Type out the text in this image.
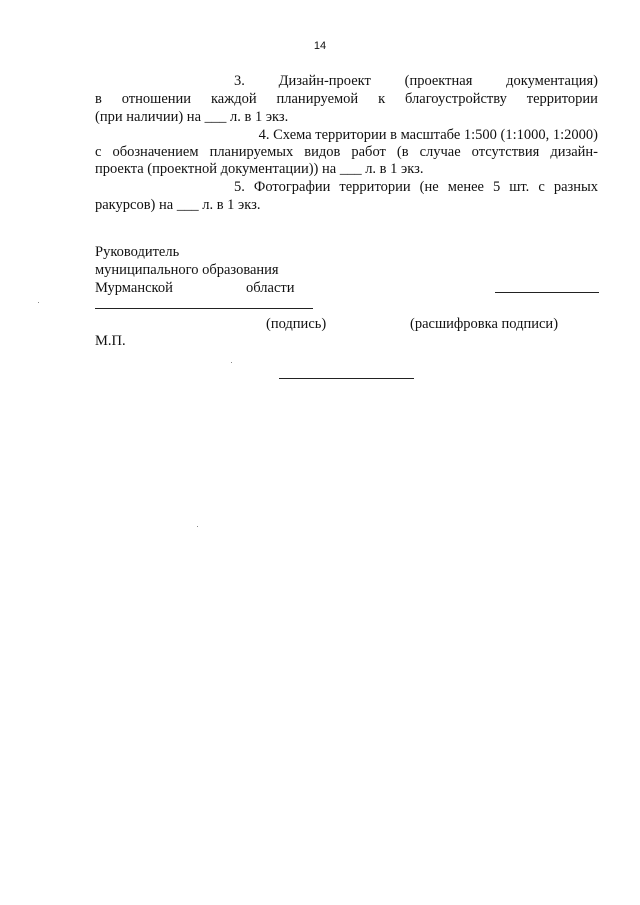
14
3. Дизайн-проект (проектная документация)
в отношении каждой планируемой к благоустройству территории
(при наличии) на ___ л. в 1 экз.
4. Схема территории в масштабе 1:500 (1:1000, 1:2000)
с обозначением планируемых видов работ (в случае отсутствия дизайн-
проекта (проектной документации)) на ___ л. в 1 экз.
5. Фотографии территории (не менее 5 шт. с разных
ракурсов) на ___ л. в 1 экз.
Руководитель
муниципального образования
Мурманской	области
(подпись)	(расшифровка подписи)
М.П.
